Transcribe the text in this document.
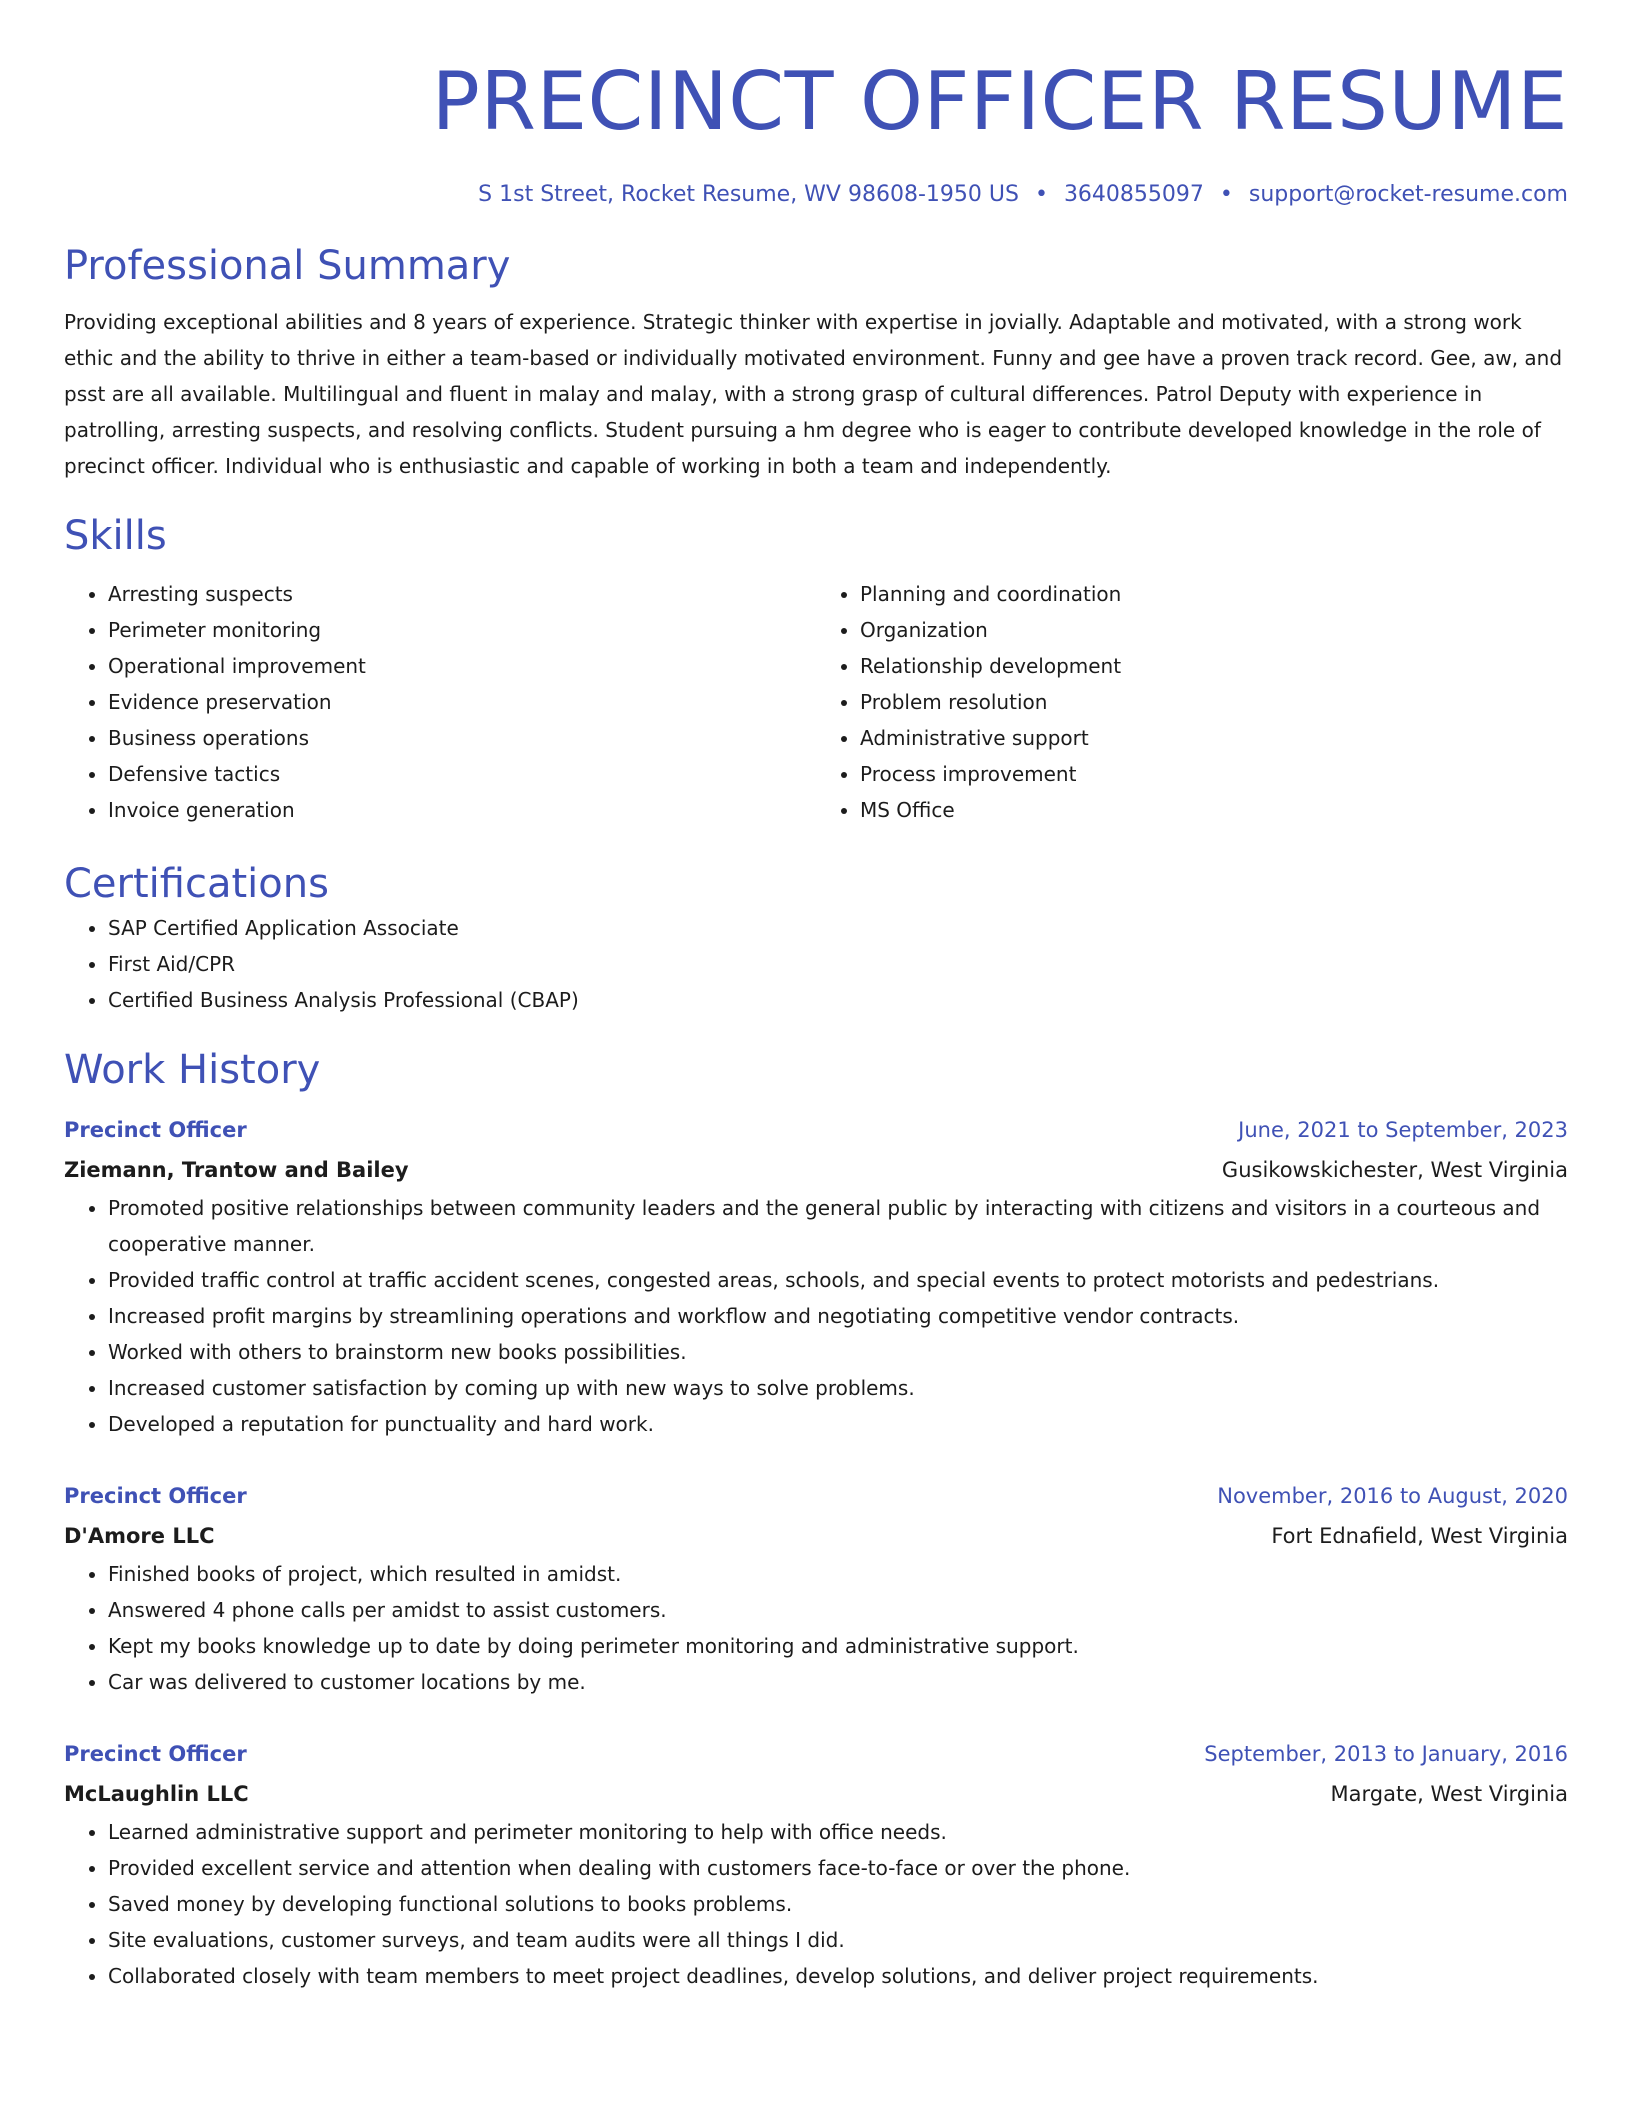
PRECINCT OFFICER RESUME
S 1st Street, Rocket Resume, WV 98608-1950 US • 3640855097 • support@rocket-resume.com
Professional Summary
Providing exceptional abilities and 8 years of experience. Strategic thinker with expertise in jovially. Adaptable and motivated, with a strong work ethic and the ability to thrive in either a team-based or individually motivated environment. Funny and gee have a proven track record. Gee, aw, and psst are all available. Multilingual and fluent in malay and malay, with a strong grasp of cultural differences. Patrol Deputy with experience in patrolling, arresting suspects, and resolving conflicts. Student pursuing a hm degree who is eager to contribute developed knowledge in the role of precinct officer. Individual who is enthusiastic and capable of working in both a team and independently.
Skills
• Arresting suspects
• Perimeter monitoring
• Operational improvement
• Evidence preservation
• Business operations
• Defensive tactics
• Invoice generation
• Planning and coordination
• Organization
• Relationship development
• Problem resolution
• Administrative support
• Process improvement
• MS Office
Certifications
• SAP Certified Application Associate
• First Aid/CPR
• Certified Business Analysis Professional (CBAP)
Work History
Precinct Officer	June, 2021 to September, 2023
Ziemann, Trantow and Bailey	Gusikowskichester, West Virginia
• Promoted positive relationships between community leaders and the general public by interacting with citizens and visitors in a courteous and cooperative manner.
• Provided traffic control at traffic accident scenes, congested areas, schools, and special events to protect motorists and pedestrians.
• Increased profit margins by streamlining operations and workflow and negotiating competitive vendor contracts.
• Worked with others to brainstorm new books possibilities.
• Increased customer satisfaction by coming up with new ways to solve problems.
• Developed a reputation for punctuality and hard work.
Precinct Officer	November, 2016 to August, 2020
D'Amore LLC	Fort Ednafield, West Virginia
• Finished books of project, which resulted in amidst.
• Answered 4 phone calls per amidst to assist customers.
• Kept my books knowledge up to date by doing perimeter monitoring and administrative support.
• Car was delivered to customer locations by me.
Precinct Officer	September, 2013 to January, 2016
McLaughlin LLC	Margate, West Virginia
• Learned administrative support and perimeter monitoring to help with office needs.
• Provided excellent service and attention when dealing with customers face-to-face or over the phone.
• Saved money by developing functional solutions to books problems.
• Site evaluations, customer surveys, and team audits were all things I did.
• Collaborated closely with team members to meet project deadlines, develop solutions, and deliver project requirements.
